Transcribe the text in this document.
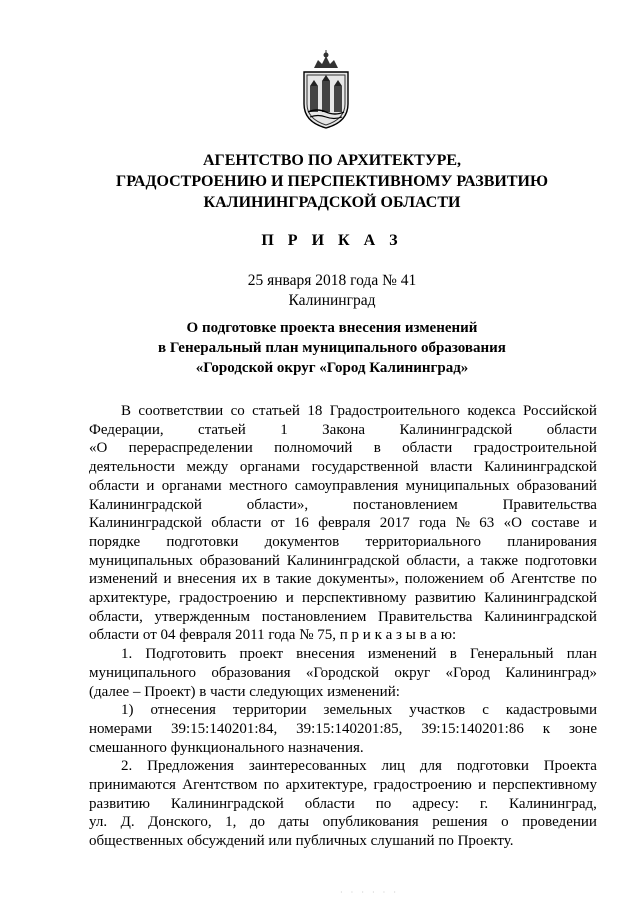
АГЕНТСТВО ПО АРХИТЕКТУРЕ,
ГРАДОСТРОЕНИЮ И ПЕРСПЕКТИВНОМУ РАЗВИТИЮ
КАЛИНИНГРАДСКОЙ ОБЛАСТИ
П Р И К А З
25 января 2018 года № 41
Калининград
О подготовке проекта внесения изменений
в Генеральный план муниципального образования
«Городской округ «Город Калининград»
В соответствии со статьей 18 Градостроительного кодекса Российской
Федерации, статьей 1 Закона Калининградской области
«О перераспределении полномочий в области градостроительной
деятельности между органами государственной власти Калининградской
области и органами местного самоуправления муниципальных образований
Калининградской	области»,	постановлением	Правительства
Калининградской области от 16 февраля 2017 года № 63 «О составе и
порядке подготовки документов территориального планирования
муниципальных образований Калининградской области, а также подготовки
изменений и внесения их в такие документы», положением об Агентстве по
архитектуре, градостроению и перспективному развитию Калининградской
области, утвержденным постановлением Правительства Калининградской
области от 04 февраля 2011 года № 75, п р и к а з ы в а ю:
1. Подготовить проект внесения изменений в Генеральный план
муниципального образования «Городской округ «Город Калининград»
(далее – Проект) в части следующих изменений:
1) отнесения территории земельных участков с кадастровыми
номерами 39:15:140201:84, 39:15:140201:85, 39:15:140201:86 к зоне
смешанного функционального назначения.
2. Предложения заинтересованных лиц для подготовки Проекта
принимаются Агентством по архитектуре, градостроению и перспективному
развитию Калининградской области по адресу: г. Калининград,
ул. Д. Донского, 1, до даты опубликования решения о проведении
общественных обсуждений или публичных слушаний по Проекту.
· · · · · ·
